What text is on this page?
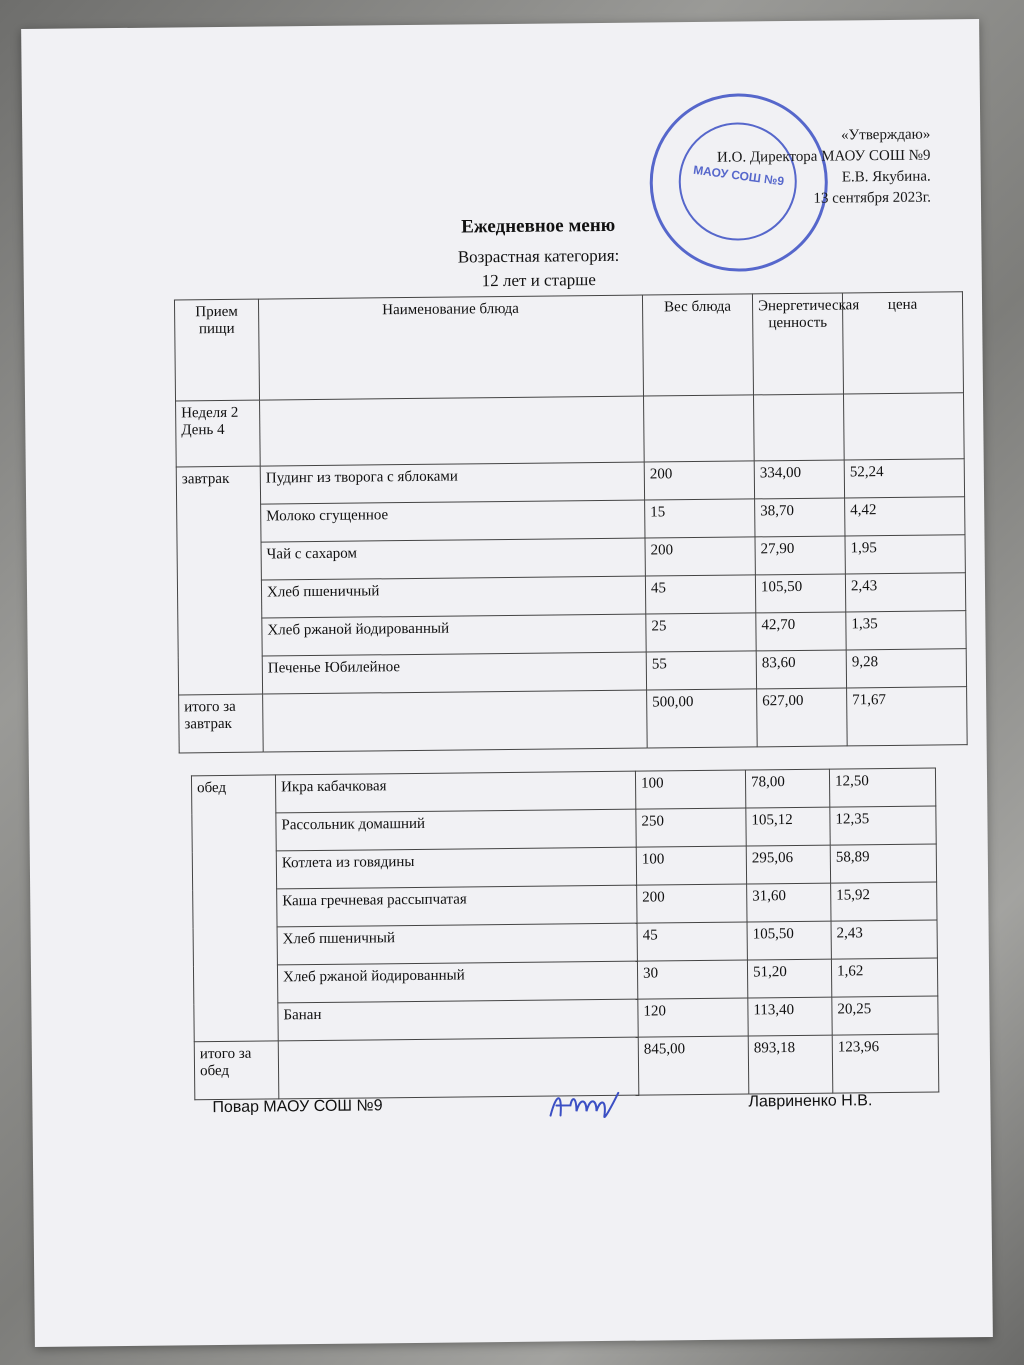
МАОУ СОШ №9
«Утверждаю»
И.О. Директора МАОУ СОШ №9
Е.В. Якубина.
13 сентября 2023г.
Ежедневное меню
Возрастная категория:
12 лет и старше
Прием пищи	Наименование блюда	Вес блюда	Энергетическая ценность	цена
Неделя 2 День 4				
завтрак	Пудинг из творога с яблоками	200	334,00	52,24
	Молоко сгущенное	15	38,70	4,42
	Чай с сахаром	200	27,90	1,95
	Хлеб пшеничный	45	105,50	2,43
	Хлеб ржаной йодированный	25	42,70	1,35
	Печенье Юбилейное	55	83,60	9,28
итого за завтрак		500,00	627,00	71,67
обед	Икра кабачковая	100	78,00	12,50
	Рассольник домашний	250	105,12	12,35
	Котлета из говядины	100	295,06	58,89
	Каша гречневая рассыпчатая	200	31,60	15,92
	Хлеб пшеничный	45	105,50	2,43
	Хлеб ржаной йодированный	30	51,20	1,62
	Банан	120	113,40	20,25
итого за обед		845,00	893,18	123,96
Повар МАОУ СОШ №9	Лавриненко Н.В.
